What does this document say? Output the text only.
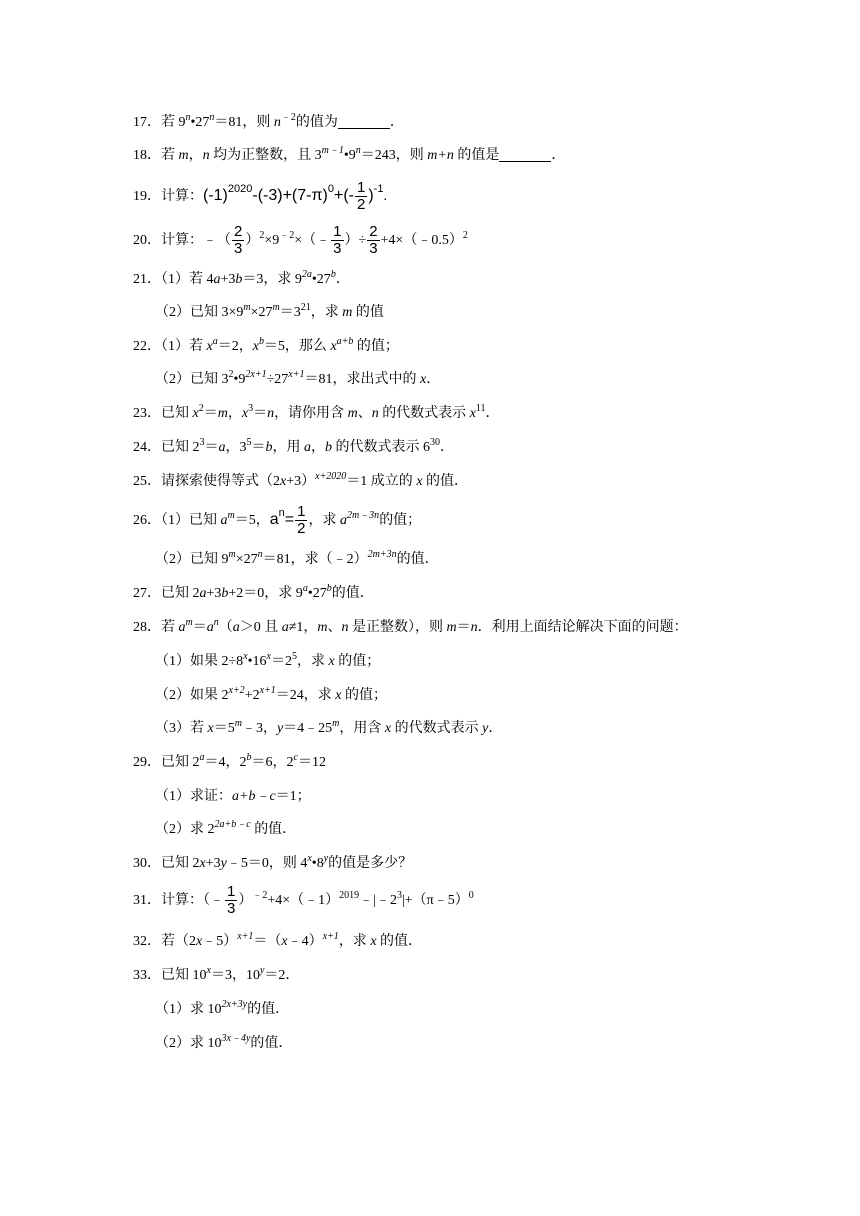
17．若 $9^n•27^n=81$，则 $n^{﹣2}$的值为	．
18．若 m，n 均为正整数，且 $3^{m﹣1}•9^n=243$，则 m+n 的值是	．
19．计算：$(-1)^{2020}-(-3)+(7-\pi)^0+(- \frac{1}{2} )^{-1}$.
20．计算：﹣（ $\frac{2}{3}$ ）$^2\times 9^{﹣2}\times(﹣ \frac{1}{3}$ ）÷ $\frac{2}{3}$ +4×（﹣0.5）$^2$
21．（1）若 4a+3b＝3，求 $9^{2a}•27^b$．
（2）已知 $3\times 9^m\times 27^m=3^{21}$，求 m 的值
22．（1）若 $x^a=2$，$x^b=5$，那么 $x^{a+b}$ 的值；
（2）已知 $3^2•9^{2x+1}\div 27^{x+1}=81$，求出式中的 x．
23．已知 $x^2=m$，$x^3=n$，请你用含 m、n 的代数式表示 $x^{11}$．
24．已知 $2^3=a$，$3^5=b$，用 a，b 的代数式表示 $6^{30}$．
25．请探索使得等式$(2x+3)^{x+2020}=1$ 成立的 x 的值．
26．（1）已知 $a^m=5$，$a^n= \frac{1}{2}$ ，求 $a^{2m﹣3n}$的值；
（2）已知 $9^m\times 27^n=81$，求（﹣2）$^{2m+3n}$的值．
27．已知 2a+3b+2＝0，求 9$^a$•27$^b$的值．
28．若 $a^m=a^n(a>0$ 且 a≠1，m、n 是正整数），则 m＝n．利用上面结论解决下面的问题：
（1）如果 $2\div 8^x•16^x=2^5$，求 x 的值；
（2）如果 $2^{x+2}+2^{x+1}=24$，求 x 的值；
（3）若 $x=5^m﹣3$，$y=4﹣25^m$，用含 x 的代数式表示 y．
29．已知 $2^a=4$，$2^b=6$，$2^c=12$
（1）求证：a+b﹣c＝1；
（2）求 $2^{2a+b﹣c}$ 的值．
30．已知 2x+3y﹣5＝0，则 4$^x$•8$^y$的值是多少？
31．计算：（﹣ $\frac{1}{3}$ ）$^{﹣2}+4\times(﹣1)^{2019}﹣|﹣2^3|+(\pi﹣5)^0$
32．若（2x﹣5）$^{x+1}$＝（x﹣4）$^{x+1}$，求 x 的值．
33．已知 $10^x=3$，$10^y=2$．
（1）求 $10^{2x+3y}$的值．
（2）求 $10^{3x﹣4y}$的值．
